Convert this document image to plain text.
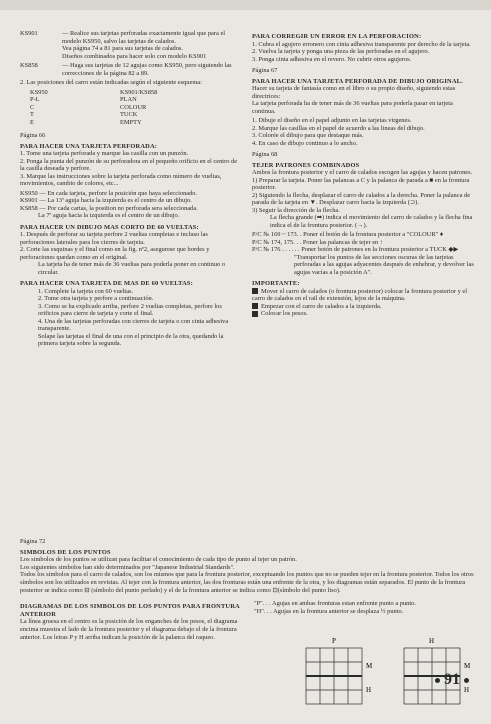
KS901	— Realice sus tarjetas perforadas exactamente igual que para el modelo KS950, salvo las tarjetas de calados.

Vea página 74 a 81 para sus tarjetas de calados.

Diseños combinados para hacer solo con modelo KS901

KS858	— Haga sus tarjetas de 12 agujas como KS950, pero siguiendo las correcciones de la página 82 a 89.

2. Las posiciones del carro están indicadas según el siguiente esquema:

KS950
P-L
C
T
E
KS901/KS858
PLAN
COLOUR
TUCK
EMPTY

Página 66

PARA HACER UNA TARJETA PERFORADA:

1. Tome una tarjeta perforada y marque las casilla con un punzón.

2. Ponga la punta del punzón de su perforadora en el pequeño orificio en el centro de la casilla deseada y perfore.

3. Marque las instrucciones sobre la tarjeta perforada como número de vueltas, movimientos, cambio de colores, etc...

KS950 — En cada tarjeta, perfore la posición que haya seleccionado.

KS901 — La 13ª aguja hacia la izquierda es el centro de un dibujo.

KS858 — Por cada cartas, la position no perforada sera seleccionada.

La 7ª aguja hacia la izquierda es el centro de un dibujo.

PARA HACER UN DIBUJO MAS CORTO DE 60 VUELTAS:

1. Después de perforar su tarjeta perfore 2 vueltas completas e incluso las perforaciones laterales para los cierres de tarjeta.

2. Corte las esquinas y el final como en la fig. nº2, asegurese que bordes y perforaciones quedan como en el original.

La tarjeta ha de tener más de 36 vueltas para poderla poner en continuo o circular.

PARA HACER UNA TARJETA DE MAS DE 60 VUELTAS:

1. Complete la tarjeta con 60 vueltas.

2. Tome otra tarjeta y perfore a continuación.

3. Como se ha explicado arriba, perfore 2 vueltas completas, perfore los orificios para cierre de tarjeta y corte el final.

4. Una de las tarjetas perforadas con cierres de tarjeta o con cinta adhesiva transparente.

Solape las tarjetas el final de una con el principio de la otra, quedando la primera tarjeta sobre la segunda.

PARA CORREGIR UN ERROR EN LA PERFORACION:

1. Cubra el agujero erronero con cinta adhesiva transparente por derecho de la tarjeta.

2. Vuelva la tarjeta y ponga una pieza de las perforadas en el agujero.

3. Ponga cinta adhesiva en el revero. No cubrir otros agujeros.

Página 67

PARA HACER UNA TARJETA PERFORADA DE DIBUJO ORIGINAL.

Hacer su tarjeta de fantasía como en el libro o su propio diseño, siguiendo estas directrices:

La tarjeta perforada ha de tener más de 36 vueltas para poderla pasar en tarjeta continua.

1. Dibuje el diseño en el papel adjunto en las tarjetas virgenes.

2. Marque las casillas en el papel de acuerdo a las lineas del dibujo.

3. Colorée el dibujo para que destaque más.

4. En caso de dibujo continuo a lo ancho.

Página 68

TEJER PATRONES COMBINADOS

Ambos la frontura posterior y el carro de calados escogen las agujas y hacen patrones.

1) Preparar la tarjeta. Poner las palancas a C y la palanca de parada a ■ en la frontura posterior.

2) Siguiendo la flecha, desplazar el carro de calados a la derecha. Poner la palanca de parada de la tarjeta en ▼. Desplazar carro hacia la izquierda (⊃).

3) Seguir la dirección de la flecha.

La flecha grande (➡) indica el movimiento del carro de calados y la flecha fina indica el de la frontura posterior. (→).

P/C № 169 ~ 173. . Poner el botón de la frontura posterior a "COLOUR" ♦

P/C № 174, 175. . . Poner las palancas de tejer en ↑

P/C № 176 . . . . . . Poner botón de patrones en la frontura posterior a TUCK ◆▶

"Transportar los puntos de las secciones oscuras de las tarjetas perforadas a las agujas adyacentes después de enhebrar, y devolver las agujas vacías a la posición A".

IMPORTANTE:

Mover el carro de calados (o frontura posterior) colocar la frontura posterior y el carro de calados en el rail de extensión, lejos de la máquina.

Empezar con el carro de calados a la izquierda.

Colocar los pesos.

Página 72

SIMBOLOS DE LOS PUNTOS

Los simbolos de los puntos se utilizan para facilitar el conocimiento de cada tipo de punto al tejer un patrón.

Los siguientes simbolos han sido determinados por "Japanese Industrial Standards".

Todos los simbolos para el carro de calados, son los mismos que para la frontura posterior, exceptuando los puntos que no se pueden tejer en la frontura posterior. Todos los otros símbolos son los utilizados en revistas. Al tejer con la frontura anterior, las dos fronturas están una enfrente de la otra, y los diagramas están separados. El punto de la frontura posterior se indica como ⊟ (símbolo del punto perlado) y el de la frontura anterior se indica como ⊡(símbolo del punto liso).

DIAGRAMAS DE LOS SIMBOLOS DE LOS PUNTOS PARA FRONTURA ANTERIOR

La línea gruesa en el centro es la posición de los enganches de los pesos, el diagrama encima muestra el lado de la frontura posterior y el diagrama debajo el de la frontura anterior. Los letras P y H arriba indican la posición de la palanca del raqueo.

"P". . . Agujas en ambas fronturas estan enfrente punto a punto.

"H". . . Agujas en la frontura anterior se desplaza ½ punto.

P
M
H
H
M
H
91
